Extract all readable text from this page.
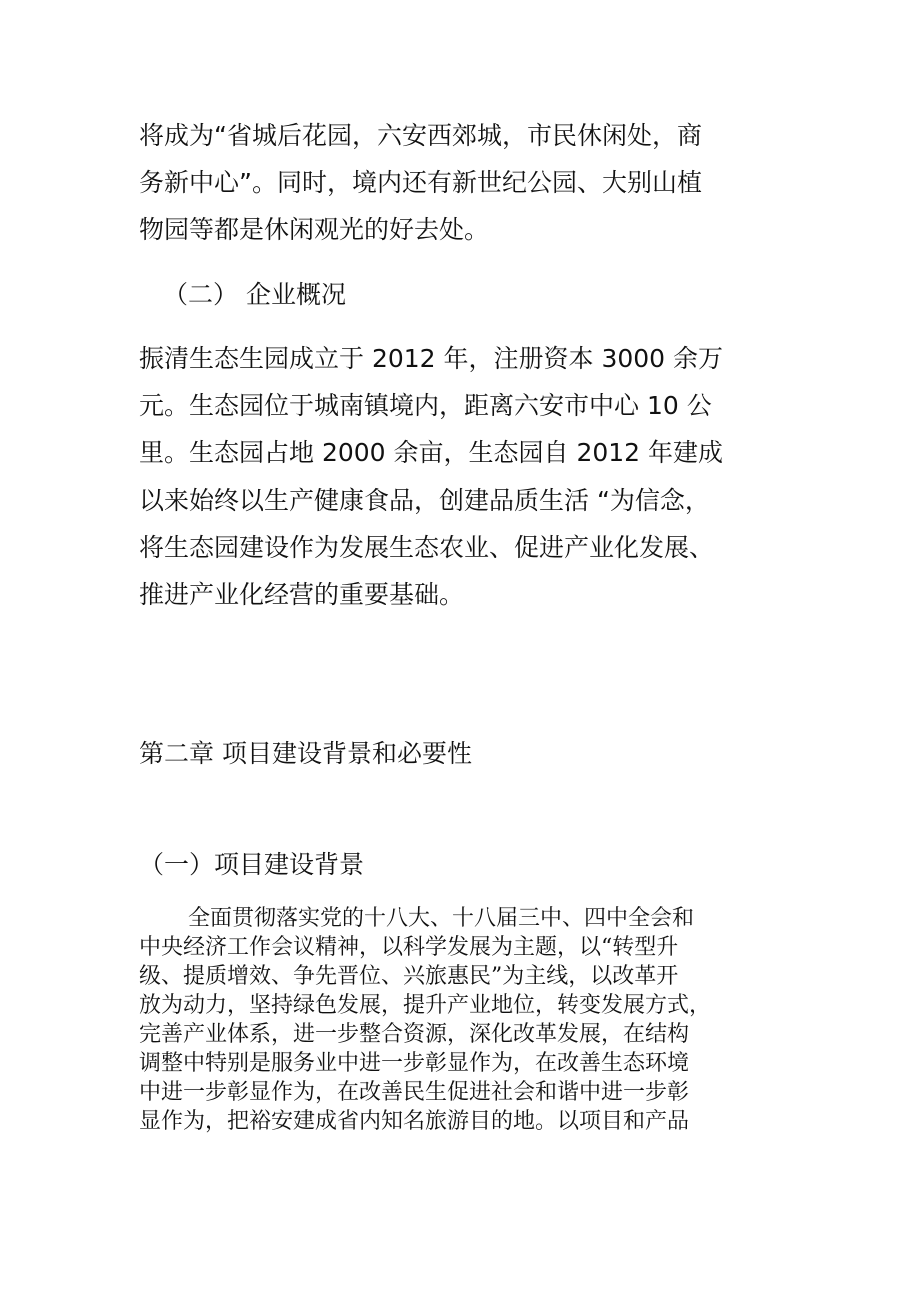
将成为“省城后花园，六安西郊城，市民休闲处，商

务新中心”。同时，境内还有新世纪公园、大别山植

物园等都是休闲观光的好去处。

（二） 企业概况

振清生态生园成立于 2012 年，注册资本 3000 余万

元。生态园位于城南镇境内，距离六安市中心 10 公

里。生态园占地 2000 余亩，生态园自 2012 年建成

以来始终以生产健康食品，创建品质生活 “为信念，

将生态园建设作为发展生态农业、促进产业化发展、

推进产业化经营的重要基础。

第二章 项目建设背景和必要性
（一）项目建设背景

全面贯彻落实党的十八大、十八届三中、四中全会和

中央经济工作会议精神，以科学发展为主题，以“转型升

级、提质增效、争先晋位、兴旅惠民”为主线，以改革开

放为动力，坚持绿色发展，提升产业地位，转变发展方式，

完善产业体系，进一步整合资源，深化改革发展，在结构

调整中特别是服务业中进一步彰显作为，在改善生态环境

中进一步彰显作为，在改善民生促进社会和谐中进一步彰

显作为，把裕安建成省内知名旅游目的地。以项目和产品
